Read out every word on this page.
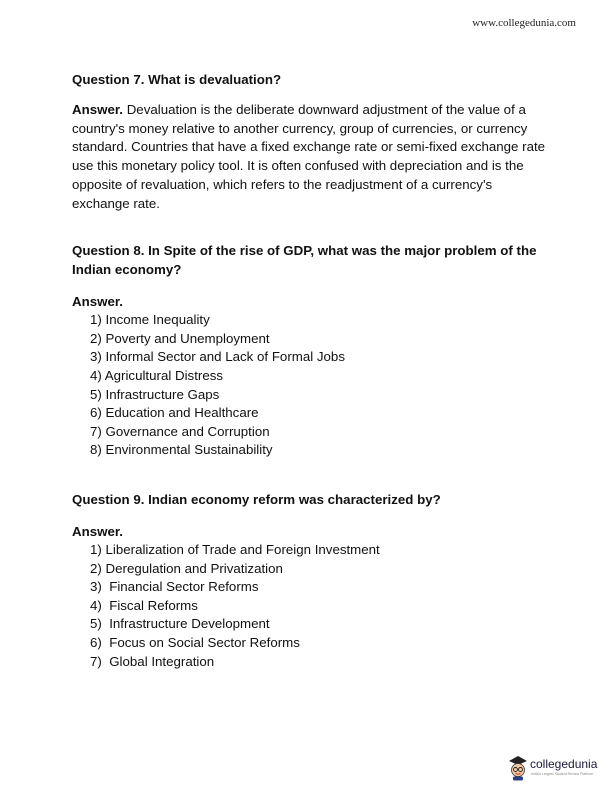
www.collegedunia.com

Question 7. What is devaluation?

Answer. Devaluation is the deliberate downward adjustment of the value of a country's money relative to another currency, group of currencies, or currency standard. Countries that have a fixed exchange rate or semi-fixed exchange rate use this monetary policy tool. It is often confused with depreciation and is the opposite of revaluation, which refers to the readjustment of a currency's exchange rate.

Question 8. In Spite of the rise of GDP, what was the major problem of the Indian economy?

Answer.

1) Income Inequality
2) Poverty and Unemployment
3) Informal Sector and Lack of Formal Jobs
4) Agricultural Distress
5) Infrastructure Gaps
6) Education and Healthcare
7) Governance and Corruption
8) Environmental Sustainability

Question 9. Indian economy reform was characterized by?

Answer.

1) Liberalization of Trade and Foreign Investment
2) Deregulation and Privatization
3)  Financial Sector Reforms
4)  Fiscal Reforms
5)  Infrastructure Development
6)  Focus on Social Sector Reforms
7)  Global Integration
collegedunia
India's Largest Student Review Platform
